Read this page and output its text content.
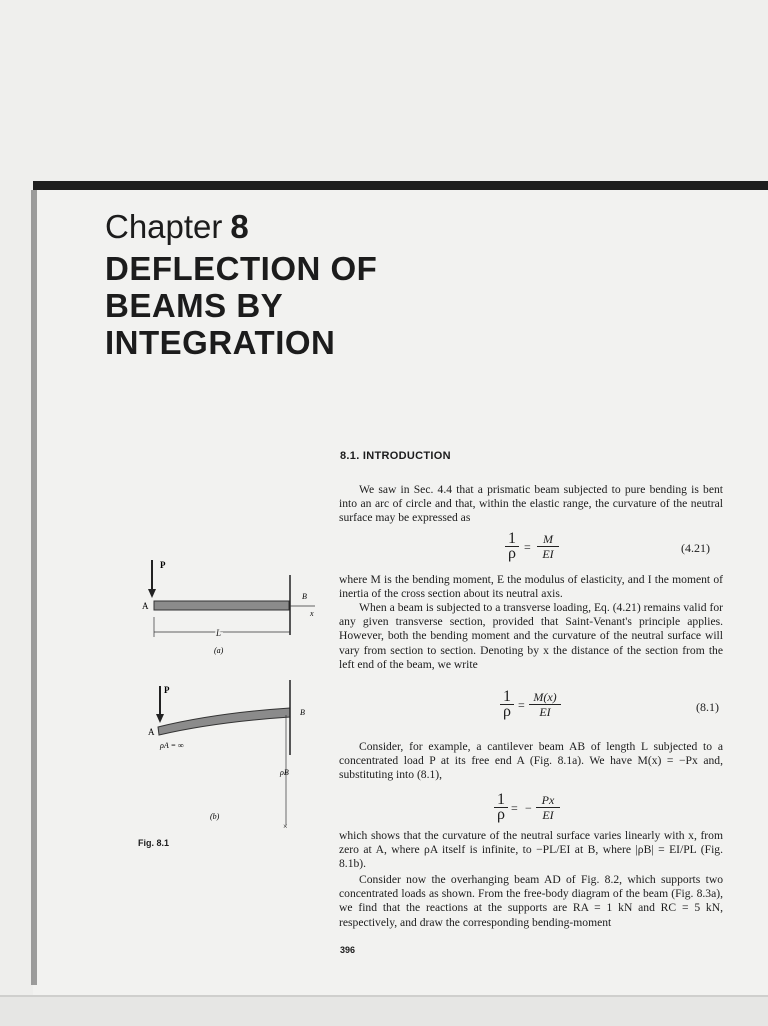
Chapter 8
DEFLECTION OF
BEAMS BY
INTEGRATION
8.1. INTRODUCTION
We saw in Sec. 4.4 that a prismatic beam subjected to pure bending is bent into an arc of circle and that, within the elastic range, the curvature of the neutral surface may be expressed as
$\frac{1}{\rho} = \frac{M}{EI}$	(4.21)
where M is the bending moment, E the modulus of elasticity, and I the moment of inertia of the cross section about its neutral axis.
When a beam is subjected to a transverse loading, Eq. (4.21) remains valid for any given transverse section, provided that Saint-Venant's principle applies. However, both the bending moment and the curvature of the neutral surface will vary from section to section. Denoting by x the distance of the section from the left end of the beam, we write
$\frac{1}{\rho} = \frac{M(x)}{EI}$	(8.1)
Consider, for example, a cantilever beam AB of length L subjected to a concentrated load P at its free end A (Fig. 8.1a). We have M(x) = −Px and, substituting into (8.1),
$\frac{1}{\rho}$ = − $\frac{Px}{EI}$
which shows that the curvature of the neutral surface varies linearly with x, from zero at A, where ρA itself is infinite, to −PL/EI at B, where |ρB| = EI/PL (Fig. 8.1b).
Consider now the overhanging beam AD of Fig. 8.2, which supports two concentrated loads as shown. From the free-body diagram of the beam (Fig. 8.3a), we find that the reactions at the supports are RA = 1 kN and RC = 5 kN, respectively, and draw the corresponding bending-moment
P
A
B
x
L
(a)
P
A
B
ρA = ∞
ρB
×
(b)
Fig. 8.1
396
